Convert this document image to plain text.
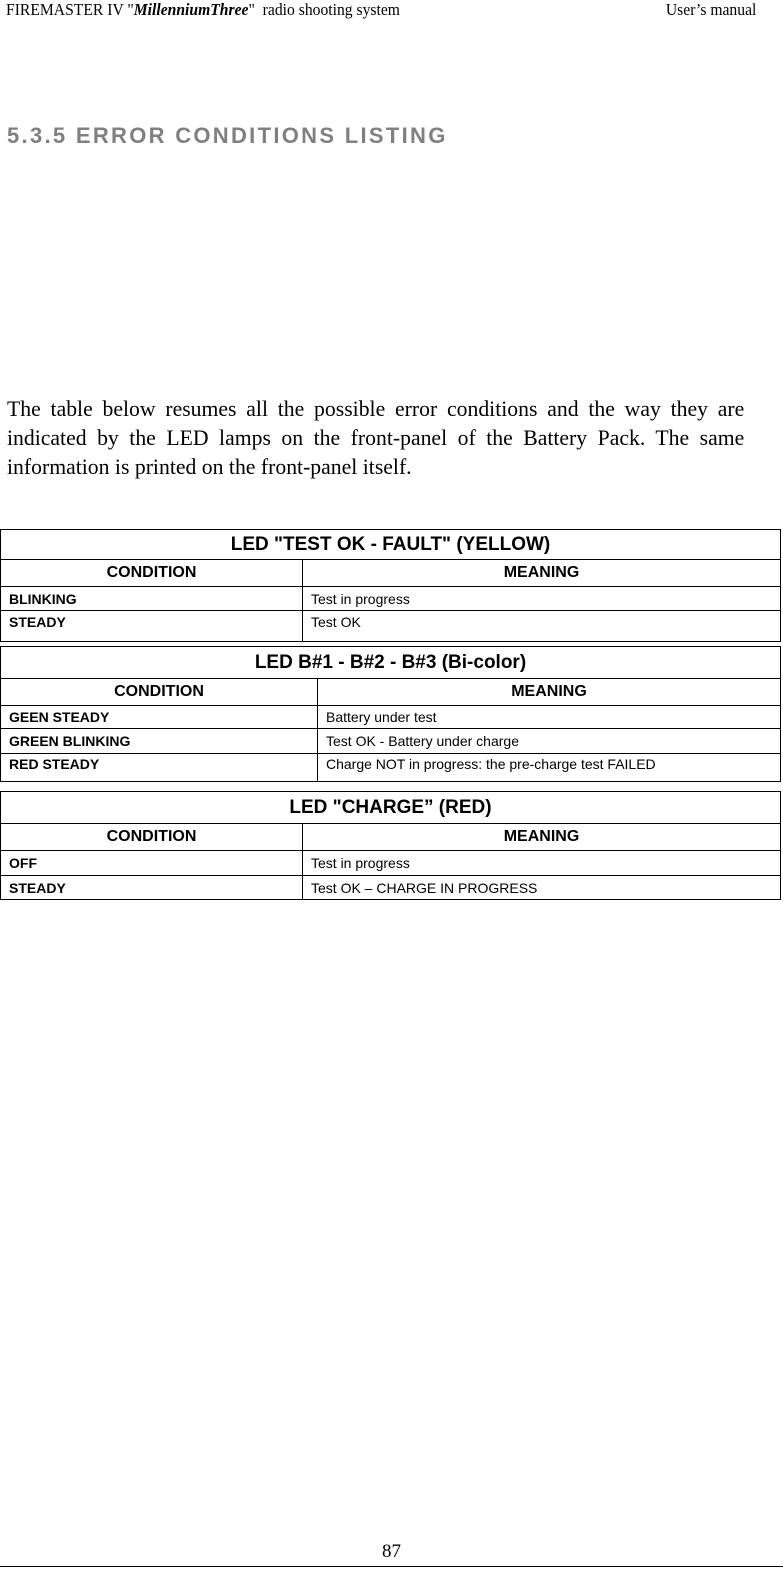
FIREMASTER IV "MillenniumThree"  radio shooting system	User’s manual
5.3.5 ERROR CONDITIONS LISTING
The table below resumes all the possible error conditions and the way they are indicated by the LED lamps on the front-panel of the Battery Pack. The same information is printed on the front-panel itself.
LED "TEST OK - FAULT" (YELLOW)	
CONDITION	MEANING
BLINKING	Test in progress
STEADY	Test OK
LED B#1 - B#2 - B#3 (Bi-color)	
CONDITION	MEANING
GEEN STEADY	Battery under test
GREEN BLINKING	Test OK - Battery under charge
RED STEADY	Charge NOT in progress: the pre-charge test FAILED
LED "CHARGE” (RED)	
CONDITION	MEANING
OFF	Test in progress
STEADY	Test OK – CHARGE IN PROGRESS
87
